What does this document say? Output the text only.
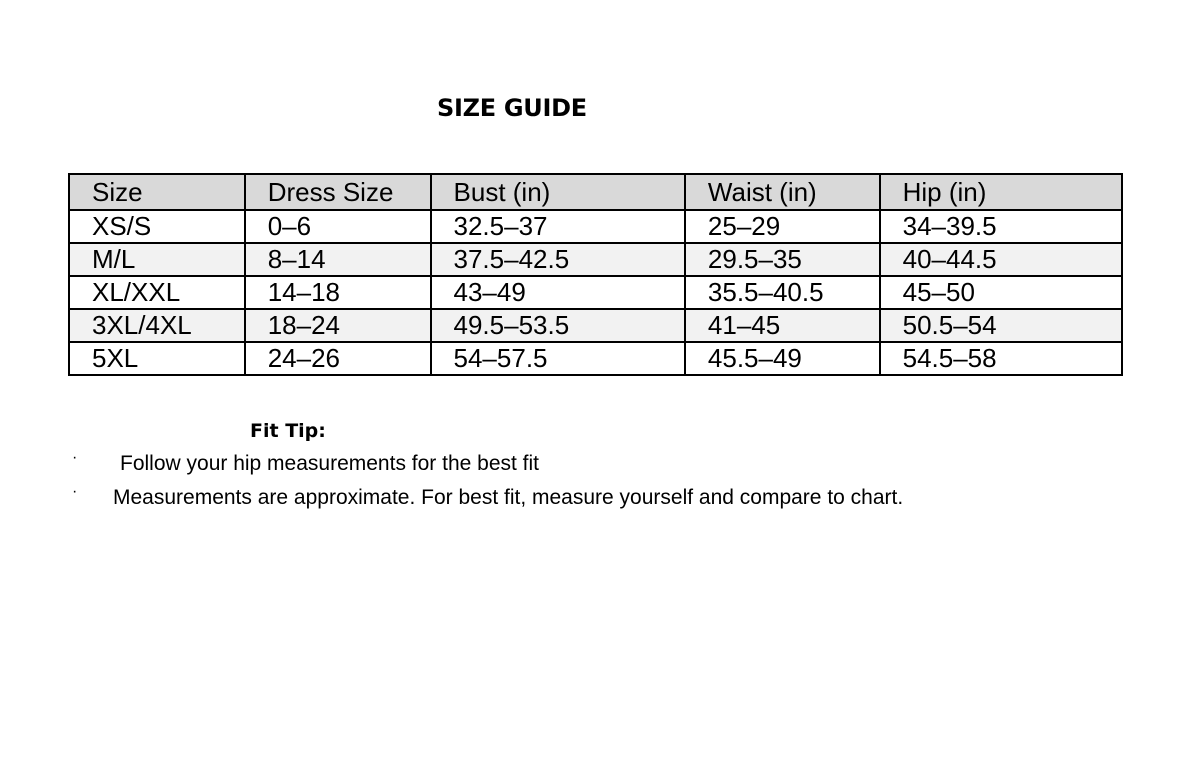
SIZE GUIDE
Size	Dress Size	Bust (in)	Waist (in)	Hip (in)
XS/S	0–6	32.5–37	25–29	34–39.5
M/L	8–14	37.5–42.5	29.5–35	40–44.5
XL/XXL	14–18	43–49	35.5–40.5	45–50
3XL/4XL	18–24	49.5–53.5	41–45	50.5–54
5XL	24–26	54–57.5	45.5–49	54.5–58
Fit Tip:
· Follow your hip measurements for the best fit
· Measurements are approximate. For best fit, measure yourself and compare to chart.
